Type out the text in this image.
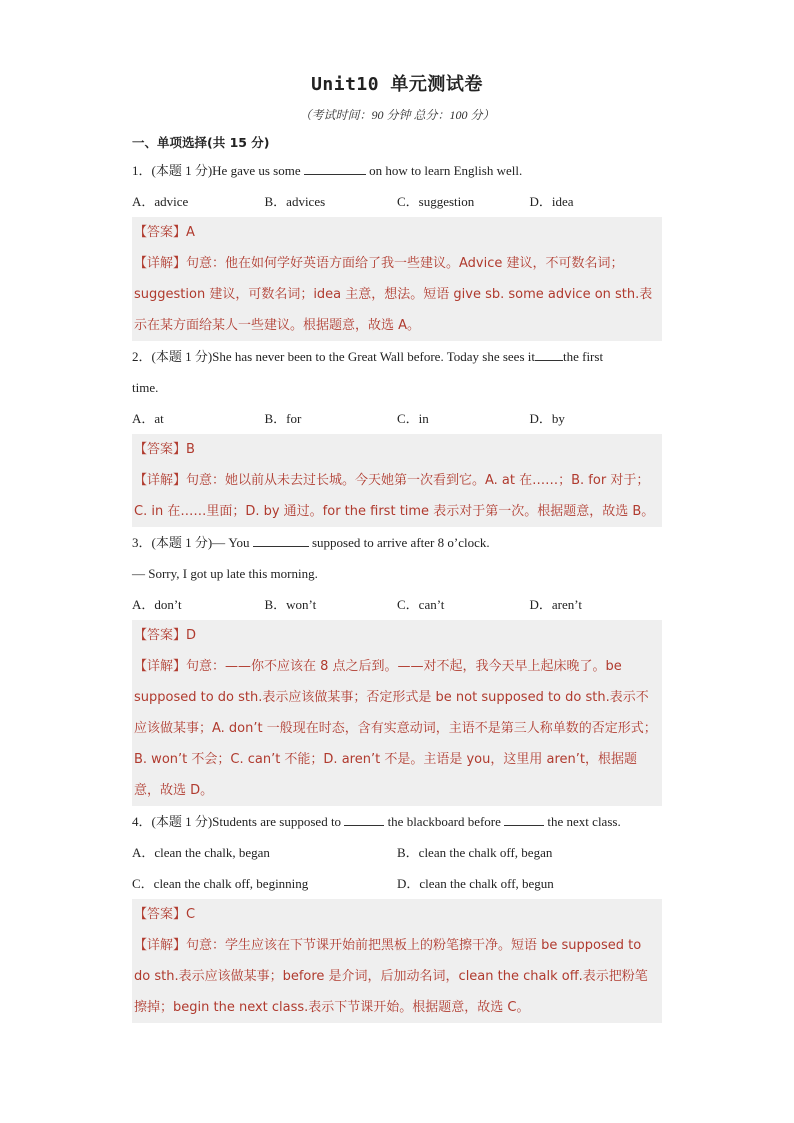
Unit10 单元测试卷
（考试时间：90 分钟 总分：100 分）
一、单项选择(共 15 分)
1．(本题 1 分)He gave us some	on how to learn English well.
A．advice	B．advices	C．suggestion	D．idea

【答案】A

【详解】句意：他在如何学好英语方面给了我一些建议。Advice 建议，不可数名词；suggestion 建议，可数名词；idea 主意，想法。短语 give sb. some advice on sth.表示在某方面给某人一些建议。根据题意，故选 A。

2．(本题 1 分)She has never been to the Great Wall before. Today she sees it the first
time.
A．at	B．for	C．in	D．by

【答案】B

【详解】句意：她以前从未去过长城。今天她第一次看到它。A. at 在……；B. for 对于；C. in 在……里面；D. by 通过。for the first time 表示对于第一次。根据题意，故选 B。

3．(本题 1 分)— You	supposed to arrive after 8 o’clock.
— Sorry, I got up late this morning.
A．don’t	B．won’t	C．can’t	D．aren’t

【答案】D

【详解】句意：——你不应该在 8 点之后到。——对不起，我今天早上起床晚了。be supposed to do sth.表示应该做某事；否定形式是 be not supposed to do sth.表示不应该做某事；A. don’t 一般现在时态，含有实意动词，主语不是第三人称单数的否定形式；B. won’t 不会；C. can’t 不能；D. aren’t 不是。主语是 you，这里用 aren’t，根据题意，故选 D。

4．(本题 1 分)Students are supposed to	the blackboard before	the next class.
A．clean the chalk, began	B．clean the chalk off, began
C．clean the chalk off, beginning	D．clean the chalk off, begun

【答案】C

【详解】句意：学生应该在下节课开始前把黑板上的粉笔擦干净。短语 be supposed to do sth.表示应该做某事；before 是介词，后加动名词，clean the chalk off.表示把粉笔擦掉；begin the next class.表示下节课开始。根据题意，故选 C。
